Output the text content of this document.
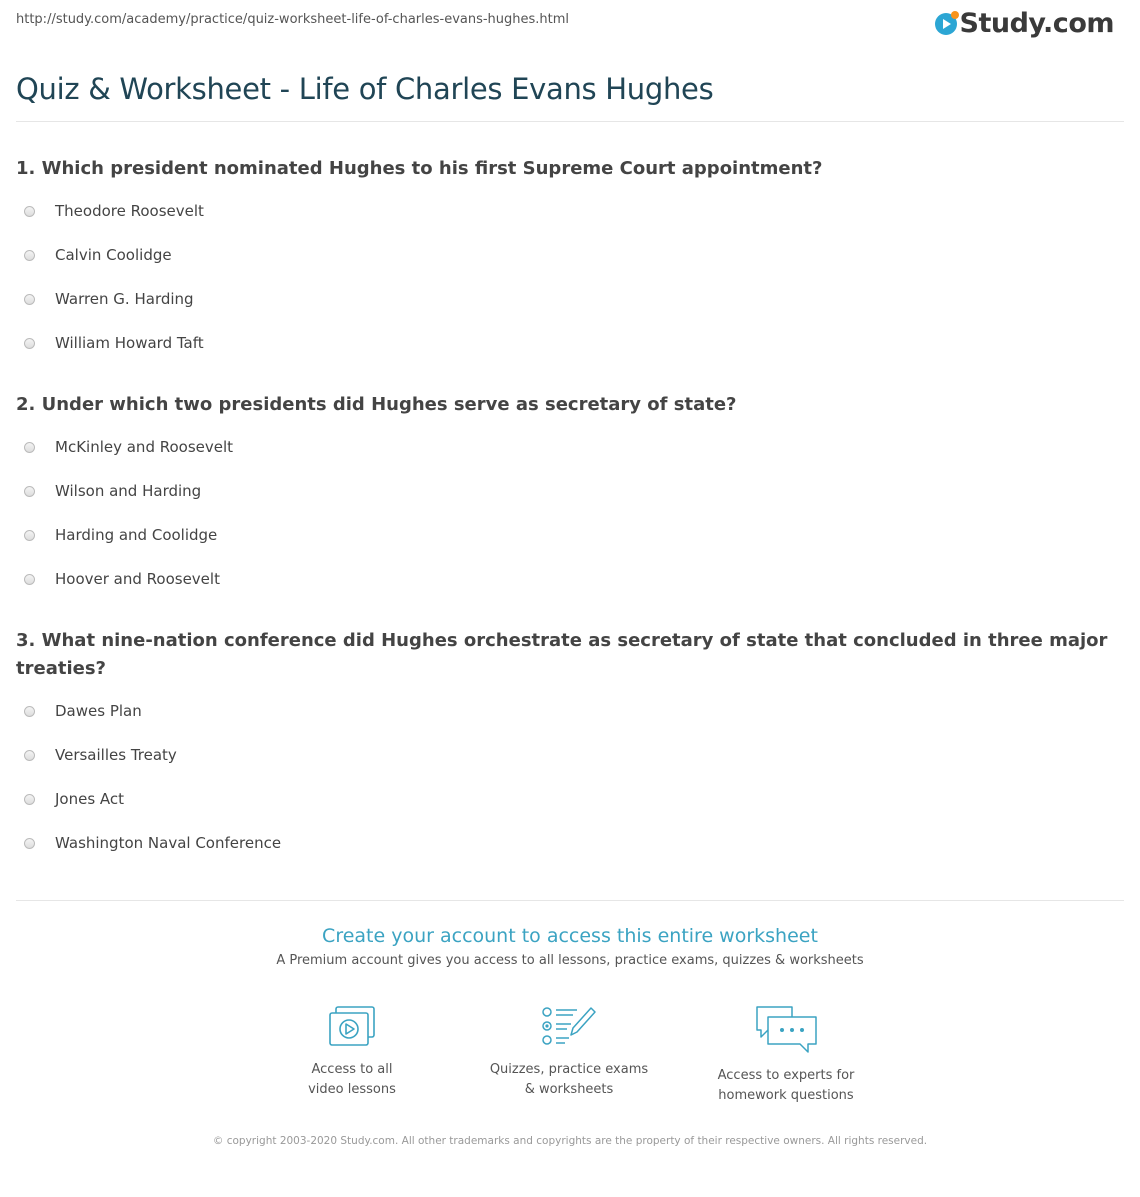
http://study.com/academy/practice/quiz-worksheet-life-of-charles-evans-hughes.html	Study.com
Quiz & Worksheet - Life of Charles Evans Hughes
1. Which president nominated Hughes to his first Supreme Court appointment?
Theodore Roosevelt
Calvin Coolidge
Warren G. Harding
William Howard Taft
2. Under which two presidents did Hughes serve as secretary of state?
McKinley and Roosevelt
Wilson and Harding
Harding and Coolidge
Hoover and Roosevelt
3. What nine-nation conference did Hughes orchestrate as secretary of state that concluded in three major treaties?
Dawes Plan
Versailles Treaty
Jones Act
Washington Naval Conference
Create your account to access this entire worksheet
A Premium account gives you access to all lessons, practice exams, quizzes & worksheets
Access to all
video lessons
Quizzes, practice exams
& worksheets
Access to experts for
homework questions
© copyright 2003-2020 Study.com. All other trademarks and copyrights are the property of their respective owners. All rights reserved.
